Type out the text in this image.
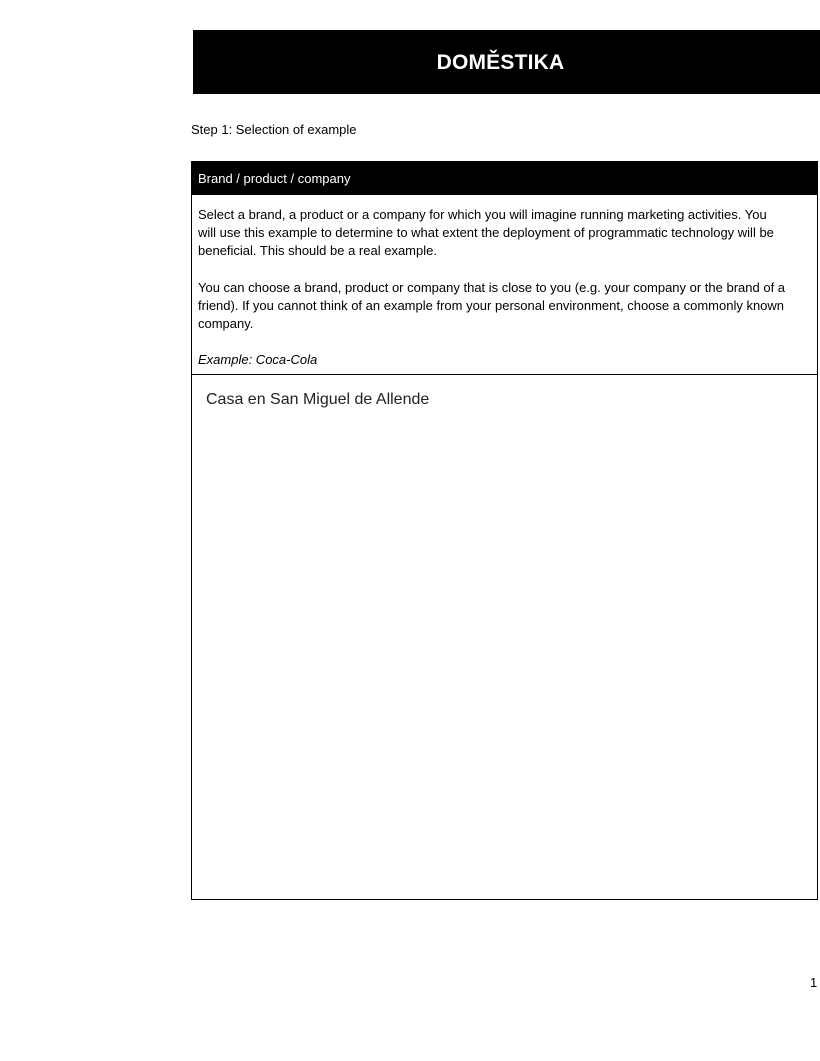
DOMĚSTIKA
Step 1: Selection of example
Brand / product / company

Select a brand, a product or a company for which you will imagine running marketing activities. You will use this example to determine to what extent the deployment of programmatic technology will be beneficial. This should be a real example.

You can choose a brand, product or company that is close to you (e.g. your company or the brand of a friend). If you cannot think of an example from your personal environment, choose a commonly known company.

Example: Coca-Cola

Casa en San Miguel de Allende
1
